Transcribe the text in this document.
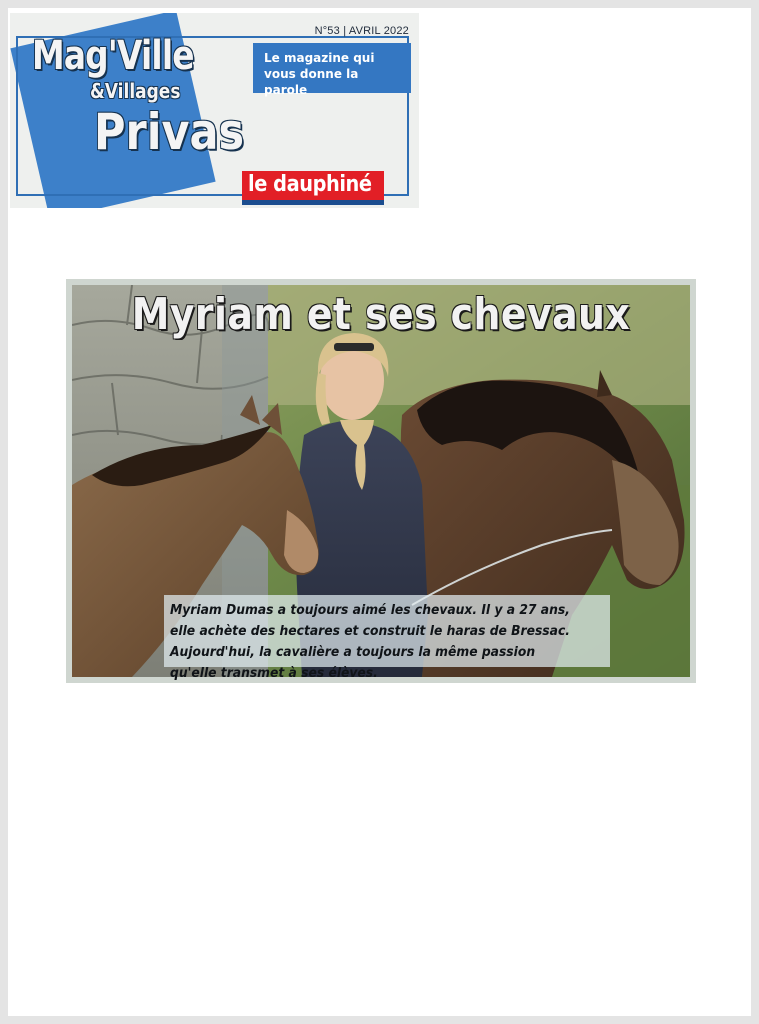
N°53 | AVRIL 2022
Le magazine qui vous donne la parole
Mag'Ville
&Villages
Privas
le dauphiné
Myriam et ses chevaux
Myriam Dumas a toujours aimé les chevaux. Il y a 27 ans, elle achète des hectares et construit le haras de Bressac. Aujourd'hui, la cavalière a toujours la même passion qu'elle transmet à ses élèves.
